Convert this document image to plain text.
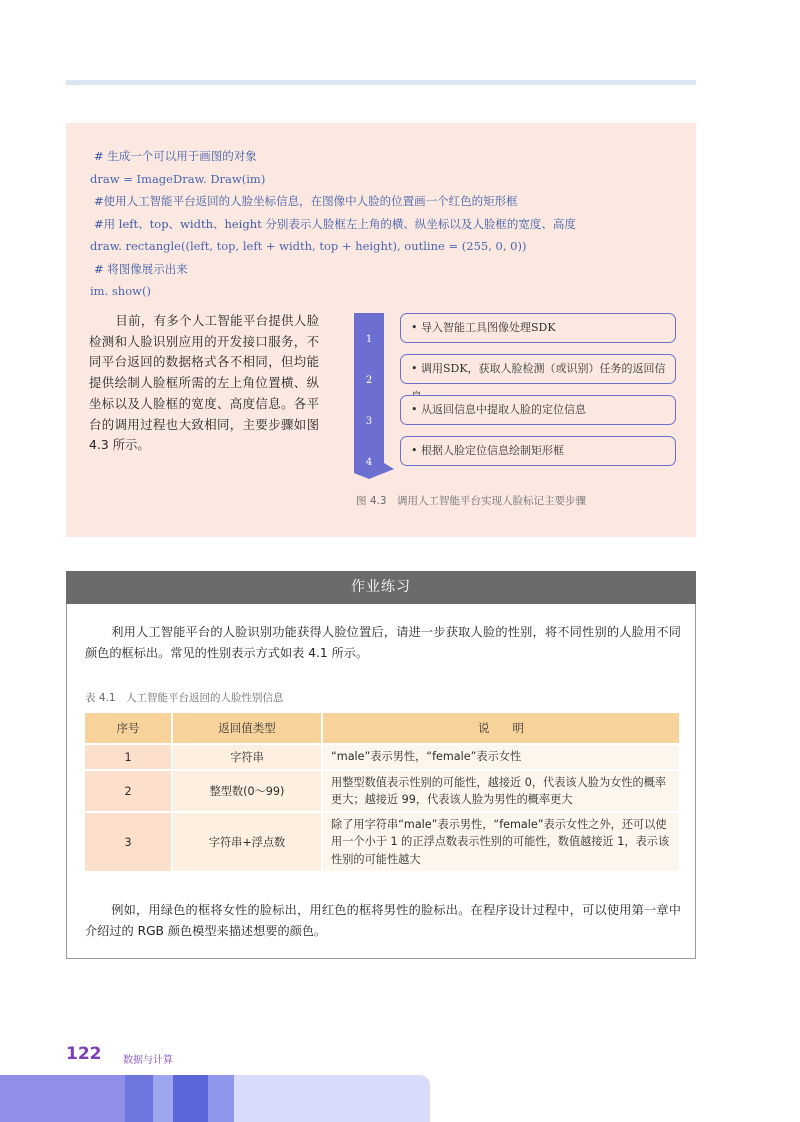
# 生成一个可以用于画图的对象
draw = ImageDraw. Draw(im)
#使用人工智能平台返回的人脸坐标信息，在图像中人脸的位置画一个红色的矩形框
#用 left、top、width、height 分别表示人脸框左上角的横、纵坐标以及人脸框的宽度、高度
draw. rectangle((left, top, left + width, top + height), outline = (255, 0, 0))
# 将图像展示出来
im. show()

目前，有多个人工智能平台提供人脸检测和人脸识别应用的开发接口服务，不同平台返回的数据格式各不相同，但均能提供绘制人脸框所需的左上角位置横、纵坐标以及人脸框的宽度、高度信息。各平台的调用过程也大致相同，主要步骤如图 4.3 所示。

• 导入智能工具图像处理SDK
• 调用SDK，获取人脸检测（或识别）任务的返回信
• 从返回信息中提取人脸的定位信息
• 根据人脸定位信息绘制矩形框
1
2
3
4
图 4.3　调用人工智能平台实现人脸标记主要步骤
作业练习

利用人工智能平台的人脸识别功能获得人脸位置后，请进一步获取人脸的性别，将不同性别的人脸用不同颜色的框标出。常见的性别表示方式如表 4.1 所示。

表 4.1　人工智能平台返回的人脸性别信息
序号	返回值类型	说　　明
1	字符串	“male”表示男性，“female”表示女性
2	整型数(0～99)	用整型数值表示性别的可能性，越接近 0，代表该人脸为女性的概率更大；越接近 99，代表该人脸为男性的概率更大
3	字符串+浮点数	除了用字符串“male”表示男性，“female”表示女性之外，还可以使用一个小于 1 的正浮点数表示性别的可能性，数值越接近 1，表示该性别的可能性越大

例如，用绿色的框将女性的脸标出，用红色的框将男性的脸标出。在程序设计过程中，可以使用第一章中介绍过的 RGB 颜色模型来描述想要的颜色。

122 数据与计算
